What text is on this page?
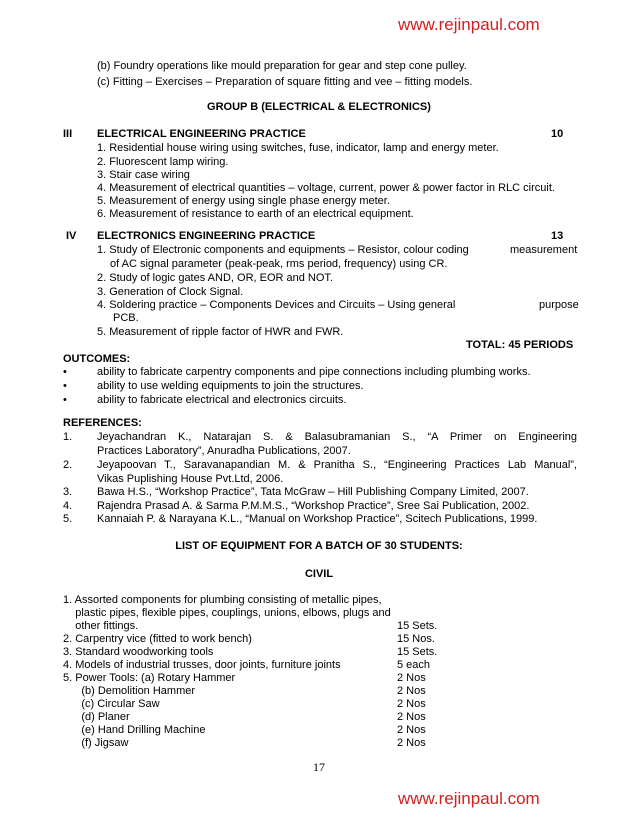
www.rejinpaul.com
(b) Foundry operations like mould preparation for gear and step cone pulley.
(c) Fitting – Exercises – Preparation of square fitting and vee – fitting models.
GROUP B (ELECTRICAL & ELECTRONICS)
III ELECTRICAL ENGINEERING PRACTICE	10
1. Residential house wiring using switches, fuse, indicator, lamp and energy meter.
2. Fluorescent lamp wiring.
3. Stair case wiring
4. Measurement of electrical quantities – voltage, current, power & power factor in RLC circuit.
5. Measurement of energy using single phase energy meter.
6. Measurement of resistance to earth of an electrical equipment.
IV ELECTRONICS ENGINEERING PRACTICE	13
1. Study of Electronic components and equipments – Resistor, colour coding	measurement
of AC signal parameter (peak-peak, rms period, frequency) using CR.
2. Study of logic gates AND, OR, EOR and NOT.
3. Generation of Clock Signal.
4. Soldering practice – Components Devices and Circuits – Using general	purpose
PCB.
5. Measurement of ripple factor of HWR and FWR.
TOTAL: 45 PERIODS
OUTCOMES:
•	ability to fabricate carpentry components and pipe connections including plumbing works.
•	ability to use welding equipments to join the structures.
•	ability to fabricate electrical and electronics circuits.
REFERENCES:
1. Jeyachandran K., Natarajan S. & Balasubramanian S., “A Primer on Engineering
Practices Laboratory”, Anuradha Publications, 2007.
2. Jeyapoovan T., Saravanapandian M. & Pranitha S., “Engineering Practices Lab Manual”,
Vikas Puplishing House Pvt.Ltd, 2006.
3. Bawa H.S., “Workshop Practice”, Tata McGraw – Hill Publishing Company Limited, 2007.
4. Rajendra Prasad A. & Sarma P.M.M.S., “Workshop Practice”, Sree Sai Publication, 2002.
5. Kannaiah P. & Narayana K.L., “Manual on Workshop Practice”, Scitech Publications, 1999.
LIST OF EQUIPMENT FOR A BATCH OF 30 STUDENTS:
CIVIL
1. Assorted components for plumbing consisting of metallic pipes,
plastic pipes, flexible pipes, couplings, unions, elbows, plugs and
other fittings.	15 Sets.
2. Carpentry vice (fitted to work bench)	15 Nos.
3. Standard woodworking tools	15 Sets.
4. Models of industrial trusses, door joints, furniture joints	5 each
5. Power Tools: (a) Rotary Hammer	2 Nos
(b) Demolition Hammer	2 Nos
(c) Circular Saw	2 Nos
(d) Planer	2 Nos
(e) Hand Drilling Machine	2 Nos
(f) Jigsaw	2 Nos
17
www.rejinpaul.com
